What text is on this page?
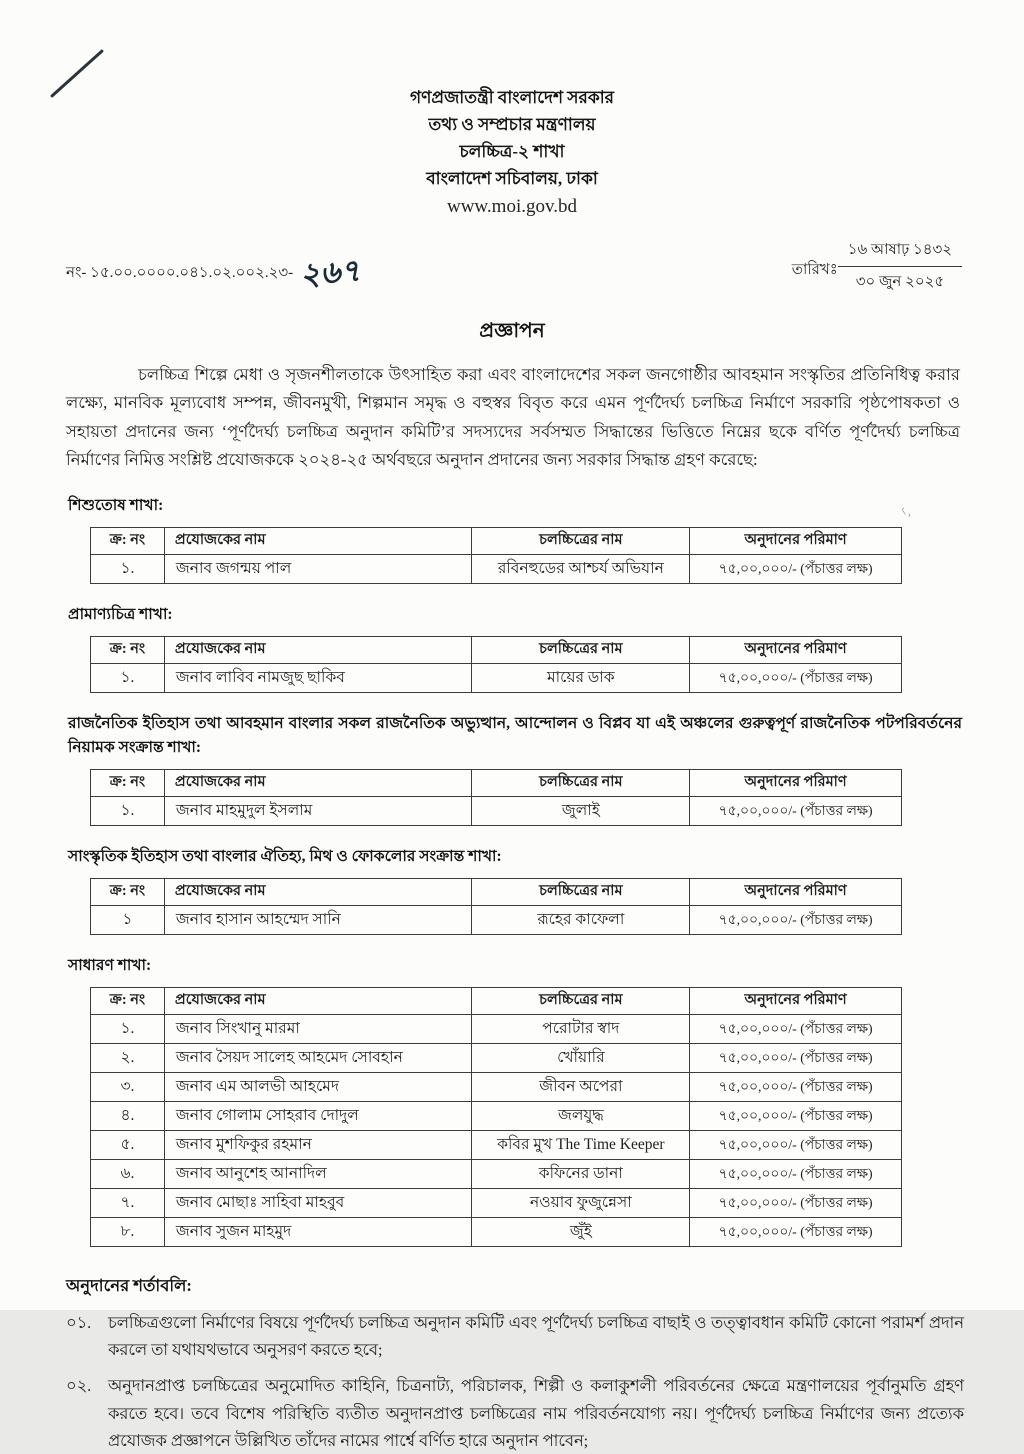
গণপ্রজাতন্ত্রী বাংলাদেশ সরকার
তথ্য ও সম্প্রচার মন্ত্রণালয়
চলচ্চিত্র-২ শাখা
বাংলাদেশ সচিবালয়, ঢাকা
www.moi.gov.bd
নং- ১৫.০০.০০০০.০৪১.০২.০০২.২৩- ২৬৭	তারিখঃ
১৬ আষাঢ় ১৪৩২
৩০ জুন ২০২৫
প্রজ্ঞাপন

চলচ্চিত্র শিল্পে মেধা ও সৃজনশীলতাকে উৎসাহিত করা এবং বাংলাদেশের সকল জনগোষ্ঠীর আবহমান সংস্কৃতির প্রতিনিধিত্ব করার লক্ষ্যে, মানবিক মূল্যবোধ সম্পন্ন, জীবনমুখী, শিল্পমান সমৃদ্ধ ও বহুস্বর বিবৃত করে এমন পূর্ণদৈর্ঘ্য চলচ্চিত্র নির্মাণে সরকারি পৃষ্ঠপোষকতা ও সহায়তা প্রদানের জন্য ‘পূর্ণদৈর্ঘ্য চলচ্চিত্র অনুদান কমিটি’র সদস্যদের সর্বসম্মত সিদ্ধান্তের ভিত্তিতে নিম্নের ছকে বর্ণিত পূর্ণদৈর্ঘ্য চলচ্চিত্র নির্মাণের নিমিত্ত সংশ্লিষ্ট প্রযোজককে ২০২৪-২৫ অর্থবছরে অনুদান প্রদানের জন্য সরকার সিদ্ধান্ত গ্রহণ করেছে:

শিশুতোষ শাখা:
ক্র: নং	প্রযোজকের নাম	চলচ্চিত্রের নাম	অনুদানের পরিমাণ
১.	জনাব জগন্ময় পাল	রবিনহুডের আশ্চর্য অভিযান	৭৫,০০,০০০/- (পঁচাত্তর লক্ষ)
৻,
প্রামাণ্যচিত্র শাখা:
ক্র: নং	প্রযোজকের নাম	চলচ্চিত্রের নাম	অনুদানের পরিমাণ
১.	জনাব লাবিব নামজুছ ছাকিব	মায়ের ডাক	৭৫,০০,০০০/- (পঁচাত্তর লক্ষ)
রাজনৈতিক ইতিহাস তথা আবহমান বাংলার সকল রাজনৈতিক অভ্যুত্থান, আন্দোলন ও বিপ্লব যা এই অঞ্চলের গুরুত্বপূর্ণ রাজনৈতিক পটপরিবর্তনের নিয়ামক সংক্রান্ত শাখা:
ক্র: নং	প্রযোজকের নাম	চলচ্চিত্রের নাম	অনুদানের পরিমাণ
১.	জনাব মাহমুদুল ইসলাম	জুলাই	৭৫,০০,০০০/- (পঁচাত্তর লক্ষ)
সাংস্কৃতিক ইতিহাস তথা বাংলার ঐতিহ্য, মিথ ও ফোকলোর সংক্রান্ত শাখা:
ক্র: নং	প্রযোজকের নাম	চলচ্চিত্রের নাম	অনুদানের পরিমাণ
১	জনাব হাসান আহম্মেদ সানি	রূহের কাফেলা	৭৫,০০,০০০/- (পঁচাত্তর লক্ষ)
সাধারণ শাখা:
ক্র: নং	প্রযোজকের নাম	চলচ্চিত্রের নাম	অনুদানের পরিমাণ
১.	জনাব সিংখানু মারমা	পরোটার স্বাদ	৭৫,০০,০০০/- (পঁচাত্তর লক্ষ)
২.	জনাব সৈয়দ সালেহ আহমেদ সোবহান	খোঁয়ারি	৭৫,০০,০০০/- (পঁচাত্তর লক্ষ)
৩.	জনাব এম আলভী আহমেদ	জীবন অপেরা	৭৫,০০,০০০/- (পঁচাত্তর লক্ষ)
৪.	জনাব গোলাম সোহরাব দোদুল	জলযুদ্ধ	৭৫,০০,০০০/- (পঁচাত্তর লক্ষ)
৫.	জনাব মুশফিকুর রহমান	কবির মুখ The Time Keeper	৭৫,০০,০০০/- (পঁচাত্তর লক্ষ)
৬.	জনাব আনুশেহ আনাদিল	কফিনের ডানা	৭৫,০০,০০০/- (পঁচাত্তর লক্ষ)
৭.	জনাব মোছাঃ সাহিবা মাহবুব	নওয়াব ফুজুন্নেসা	৭৫,০০,০০০/- (পঁচাত্তর লক্ষ)
৮.	জনাব সুজন মাহমুদ	জুঁই	৭৫,০০,০০০/- (পঁচাত্তর লক্ষ)
অনুদানের শর্তাবলি:
০১.	চলচ্চিত্রগুলো নির্মাণের বিষয়ে পূর্ণদৈর্ঘ্য চলচ্চিত্র অনুদান কমিটি এবং পূর্ণদৈর্ঘ্য চলচ্চিত্র বাছাই ও তত্ত্বাবধান কমিটি কোনো পরামর্শ প্রদান করলে তা যথাযথভাবে অনুসরণ করতে হবে;
০২.	অনুদানপ্রাপ্ত চলচ্চিত্রের অনুমোদিত কাহিনি, চিত্রনাট্য, পরিচালক, শিল্পী ও কলাকুশলী পরিবর্তনের ক্ষেত্রে মন্ত্রণালয়ের পূর্বানুমতি গ্রহণ করতে হবে। তবে বিশেষ পরিস্থিতি ব্যতীত অনুদানপ্রাপ্ত চলচ্চিত্রের নাম পরিবর্তনযোগ্য নয়। পূর্ণদৈর্ঘ্য চলচ্চিত্র নির্মাণের জন্য প্রত্যেক প্রযোজক প্রজ্ঞাপনে উল্লিখিত তাঁদের নামের পার্শ্বে বর্ণিত হারে অনুদান পাবেন;
